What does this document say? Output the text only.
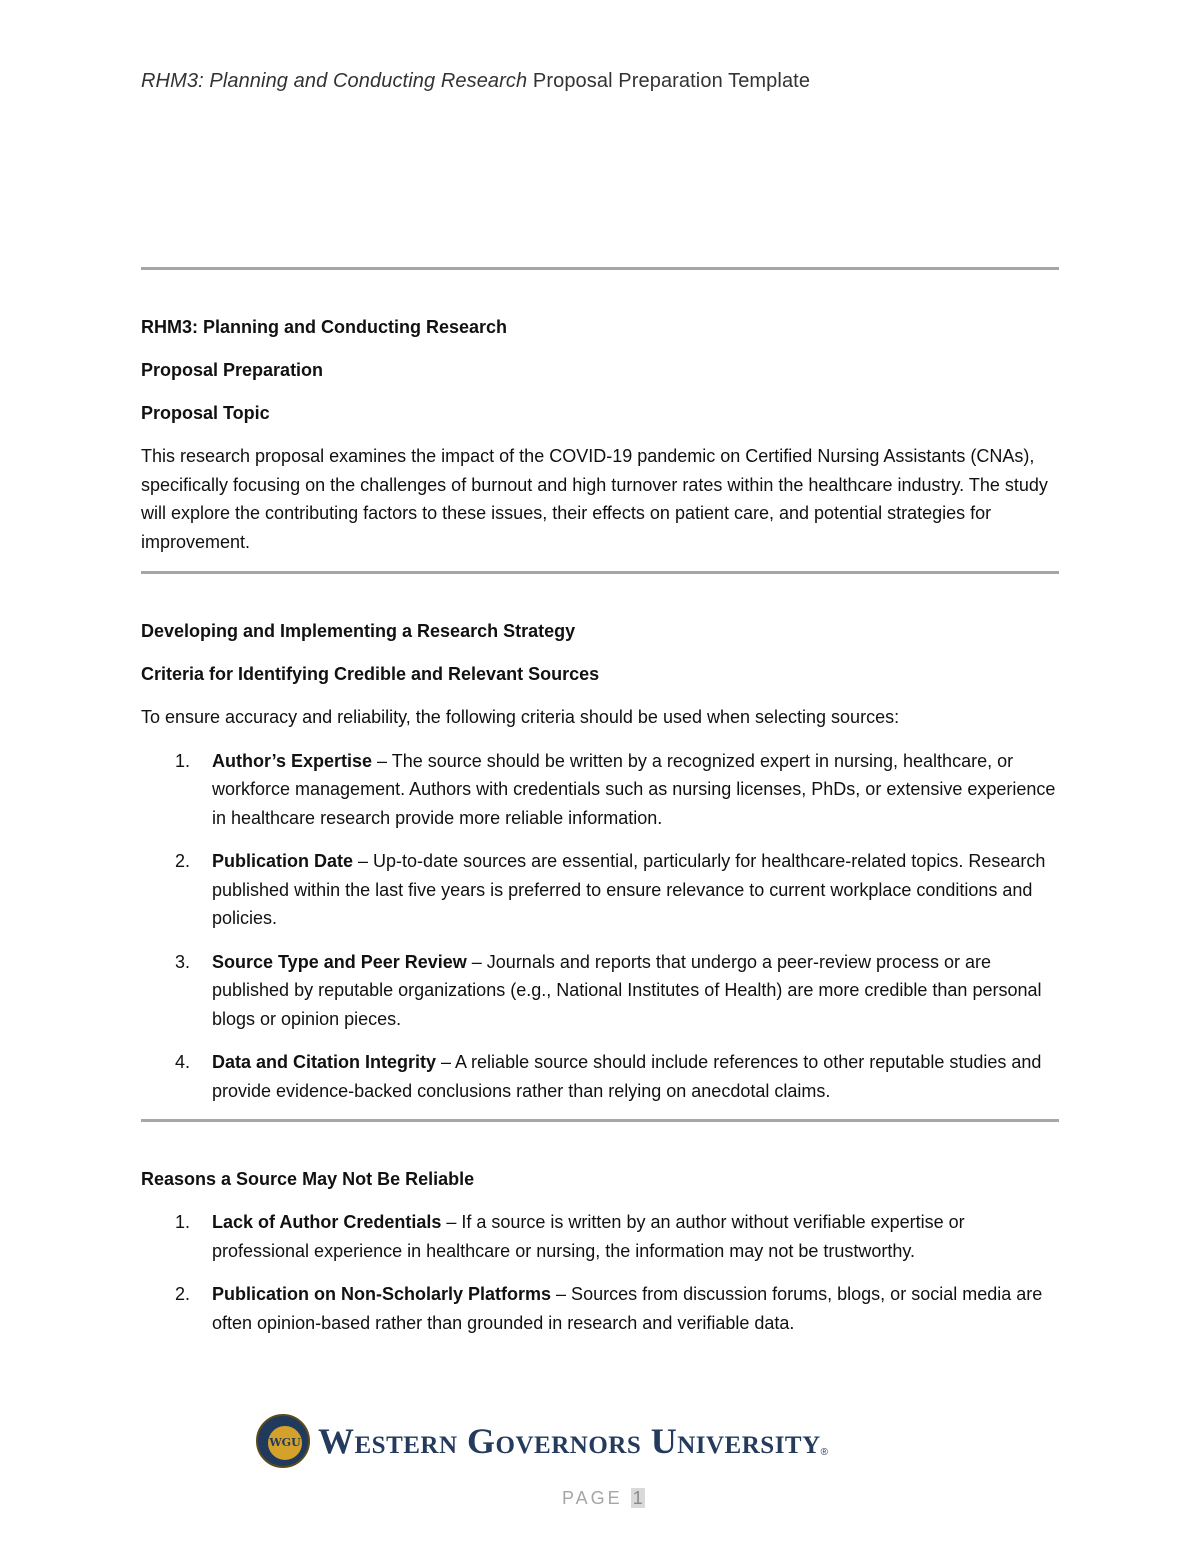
RHM3: Planning and Conducting Research Proposal Preparation Template

RHM3: Planning and Conducting Research

Proposal Preparation

Proposal Topic

This research proposal examines the impact of the COVID-19 pandemic on Certified Nursing Assistants (CNAs), specifically focusing on the challenges of burnout and high turnover rates within the healthcare industry. The study will explore the contributing factors to these issues, their effects on patient care, and potential strategies for improvement.

Developing and Implementing a Research Strategy

Criteria for Identifying Credible and Relevant Sources

To ensure accuracy and reliability, the following criteria should be used when selecting sources:

1. Author’s Expertise – The source should be written by a recognized expert in nursing, healthcare, or workforce management. Authors with credentials such as nursing licenses, PhDs, or extensive experience in healthcare research provide more reliable information.
2. Publication Date – Up-to-date sources are essential, particularly for healthcare-related topics. Research published within the last five years is preferred to ensure relevance to current workplace conditions and policies.
3. Source Type and Peer Review – Journals and reports that undergo a peer-review process or are published by reputable organizations (e.g., National Institutes of Health) are more credible than personal blogs or opinion pieces.
4. Data and Citation Integrity – A reliable source should include references to other reputable studies and provide evidence-backed conclusions rather than relying on anecdotal claims.

Reasons a Source May Not Be Reliable

1. Lack of Author Credentials – If a source is written by an author without verifiable expertise or professional experience in healthcare or nursing, the information may not be trustworthy.
2. Publication on Non-Scholarly Platforms – Sources from discussion forums, blogs, or social media are often opinion-based rather than grounded in research and verifiable data.
WGU Western Governors University ®
PAGE 1
